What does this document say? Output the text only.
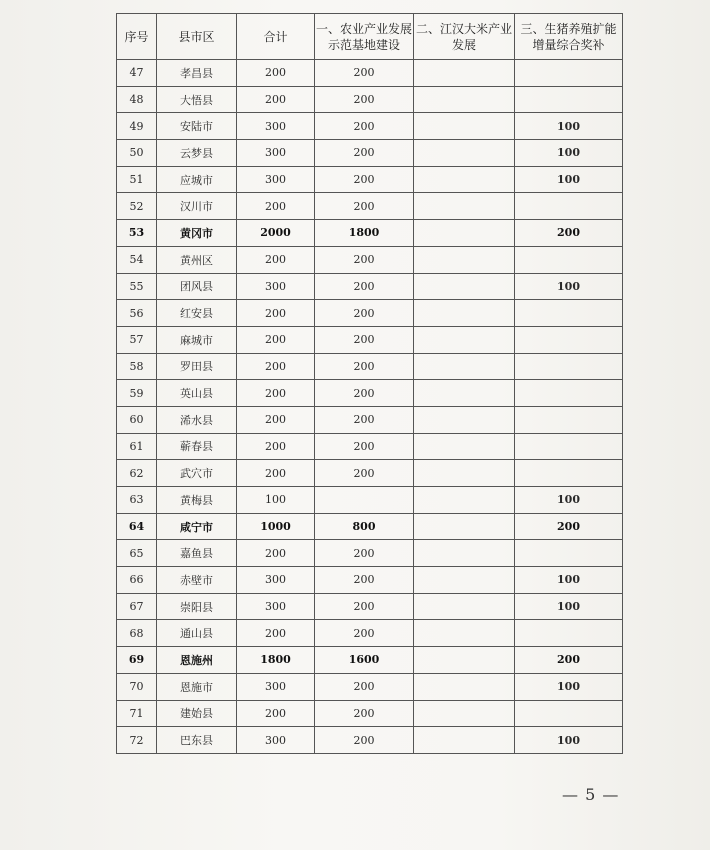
序号	县市区	合计	一、农业产业发展示范基地建设	二、江汉大米产业发展	三、生猪养殖扩能增量综合奖补
47	孝昌县	200	200		
48	大悟县	200	200		
49	安陆市	300	200		100
50	云梦县	300	200		100
51	应城市	300	200		100
52	汉川市	200	200		
53	黄冈市	2000	1800		200
54	黄州区	200	200		
55	团风县	300	200		100
56	红安县	200	200		
57	麻城市	200	200		
58	罗田县	200	200		
59	英山县	200	200		
60	浠水县	200	200		
61	蕲春县	200	200		
62	武穴市	200	200		
63	黄梅县	100			100
64	咸宁市	1000	800		200
65	嘉鱼县	200	200		
66	赤壁市	300	200		100
67	崇阳县	300	200		100
68	通山县	200	200		
69	恩施州	1800	1600		200
70	恩施市	300	200		100
71	建始县	200	200		
72	巴东县	300	200		100
— 5 —
